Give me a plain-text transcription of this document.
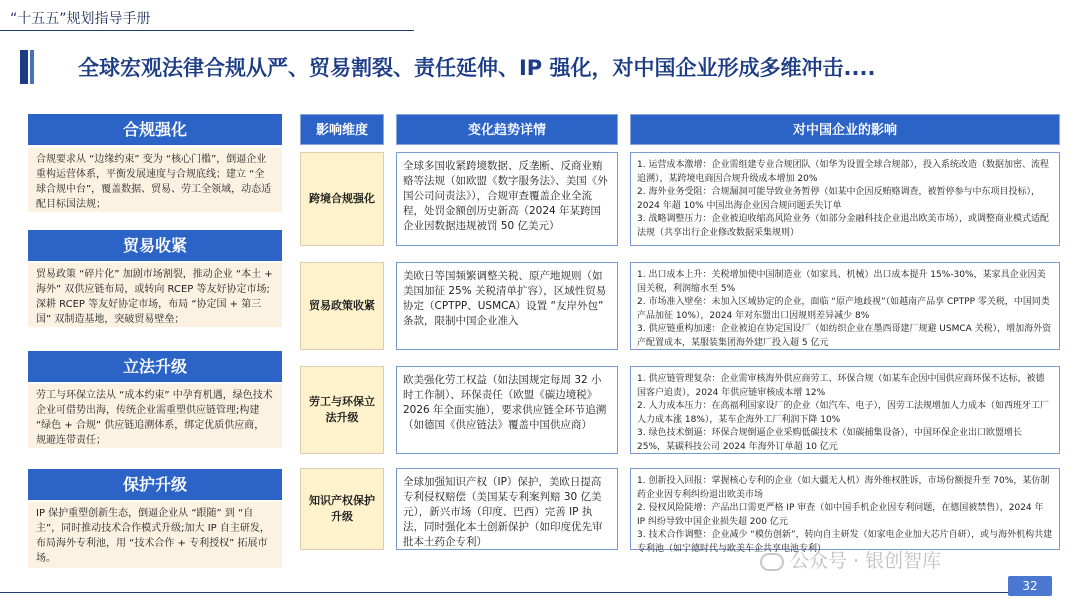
“十五五”规划指导手册
全球宏观法律合规从严、贸易割裂、责任延伸、IP 强化，对中国企业形成多维冲击....
合规强化
合规要求从 “边缘约束” 变为 “核心门槛”，倒逼企业重构运营体系，平衡发展速度与合规底线；建立 “全球合规中台”，覆盖数据、贸易、劳工全领域，动态适配目标国法规；
贸易收紧
贸易政策 “碎片化” 加剧市场割裂，推动企业 “本土 + 海外” 双供应链布局，或转向 RCEP 等友好协定市场;深耕 RCEP 等友好协定市场，布局 “协定国 + 第三国” 双制造基地，突破贸易壁垒；
立法升级
劳工与环保立法从 “成本约束” 中孕育机遇，绿色技术企业可借势出海，传统企业需重塑供应链管理;构建 “绿色 + 合规” 供应链追溯体系，绑定优质供应商，规避连带责任；
保护升级
IP 保护重塑创新生态，倒逼企业从 “跟随” 到 “自主”，同时推动技术合作模式升级;加大 IP 自主研发，布局海外专利池，用 “技术合作 + 专利授权” 拓展市场。
影响维度	变化趋势详情	对中国企业的影响
跨境合规强化
全球多国收紧跨境数据、反垄断、反商业贿赂等法规（如欧盟《数字服务法》、美国《外国公司问责法》），合规审查覆盖企业全流程，处罚金额创历史新高（2024 年某跨国企业因数据违规被罚 50 亿美元）

1. 运营成本激增：企业需组建专业合规团队（如华为设置全球合规部），投入系统改造（数据加密、流程追溯），某跨境电商因合规升级成本增加 20%

2. 海外业务受阻：合规漏洞可能导致业务暂停（如某中企因反贿赂调查，被暂停参与中东项目投标），2024 年超 10% 中国出海企业因合规问题丢失订单

3. 战略调整压力：企业被迫收缩高风险业务（如部分金融科技企业退出欧美市场），或调整商业模式适配法规（共享出行企业修改数据采集规则）

贸易政策收紧
美欧日等国频繁调整关税、原产地规则（如美国加征 25% 关税清单扩容），区域性贸易协定（CPTPP、USMCA）设置 “友岸外包” 条款，限制中国企业准入

1. 出口成本上升：关税增加使中国制造业（如家具、机械）出口成本提升 15%-30%，某家具企业因美国关税，利润缩水至 5%

2. 市场准入壁垒：未加入区域协定的企业，面临 “原产地歧视”（如越南产品享 CPTPP 零关税，中国同类产品加征 10%），2024 年对东盟出口因规则差异减少 8%

3. 供应链重构加速：企业被迫在协定国设厂（如纺织企业在墨西哥建厂规避 USMCA 关税），增加海外资产配置成本，某服装集团海外建厂投入超 5 亿元

劳工与环保立法升级
欧美强化劳工权益（如法国规定每周 32 小时工作制）、环保责任（欧盟《碳边境税》2026 年全面实施），要求供应链全环节追溯（如德国《供应链法》覆盖中国供应商）

1. 供应链管理复杂：企业需审核海外供应商劳工、环保合规（如某车企因中国供应商环保不达标，被德国客户追责），2024 年供应链审核成本增 12%

2. 人力成本压力：在高福利国家设厂的企业（如汽车、电子），因劳工法规增加人力成本（如西班牙工厂人力成本涨 18%），某车企海外工厂利润下降 10%

3. 绿色技术倒逼：环保合规倒逼企业采购低碳技术（如碳捕集设备），中国环保企业出口欧盟增长 25%，某碳科技公司 2024 年海外订单超 10 亿元

知识产权保护升级
全球加强知识产权（IP）保护，美欧日提高专利侵权赔偿（美国某专利案判赔 30 亿美元），新兴市场（印度、巴西）完善 IP 执法，同时强化本土创新保护（如印度优先审批本土药企专利）

1. 创新投入回报：掌握核心专利的企业（如大疆无人机）海外维权胜诉，市场份额提升至 70%，某仿制药企业因专利纠纷退出欧美市场

2. 侵权风险陡增：产品出口需更严格 IP 审查（如中国手机企业因专利问题，在德国被禁售），2024 年 IP 纠纷导致中国企业损失超 200 亿元

3. 技术合作调整：企业减少 “模仿创新”，转向自主研发（如家电企业加大芯片自研），或与海外机构共建专利池（如宁德时代与欧美车企共享电池专利）

公众号 · 银创智库
32
